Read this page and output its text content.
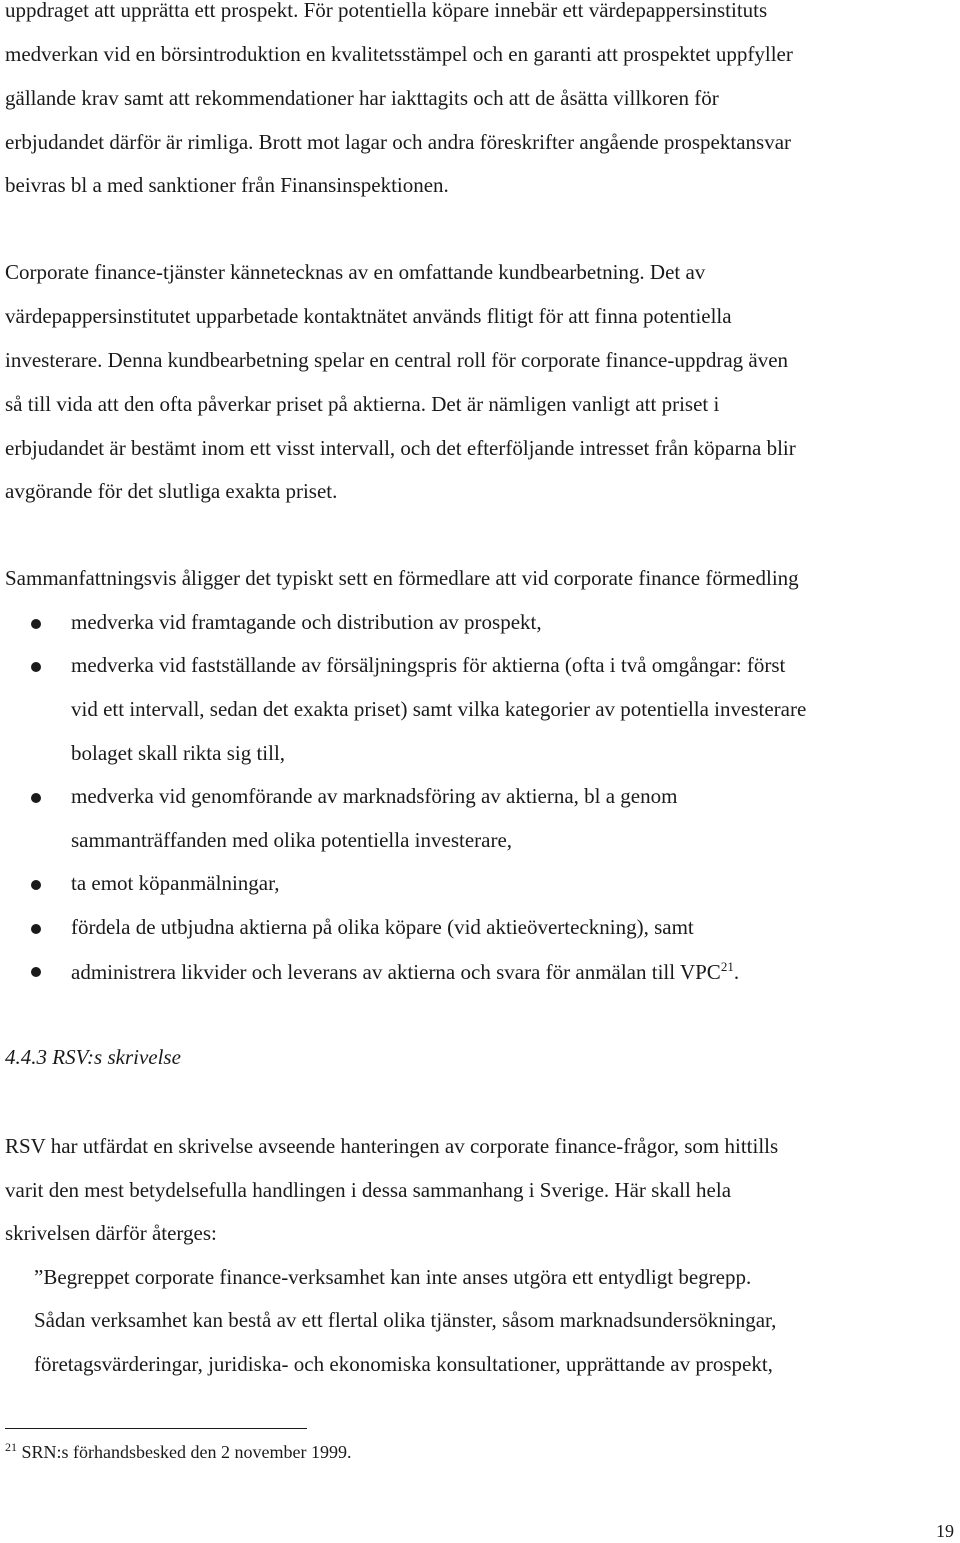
uppdraget att upprätta ett prospekt. För potentiella köpare innebär ett värdepappersinstituts
medverkan vid en börsintroduktion en kvalitetsstämpel och en garanti att prospektet uppfyller
gällande krav samt att rekommendationer har iakttagits och att de åsätta villkoren för
erbjudandet därför är rimliga. Brott mot lagar och andra föreskrifter angående prospektansvar
beivras bl a med sanktioner från Finansinspektionen.
Corporate finance-tjänster kännetecknas av en omfattande kundbearbetning. Det av
värdepappersinstitutet upparbetade kontaktnätet används flitigt för att finna potentiella
investerare. Denna kundbearbetning spelar en central roll för corporate finance-uppdrag även
så till vida att den ofta påverkar priset på aktierna. Det är nämligen vanligt att priset i
erbjudandet är bestämt inom ett visst intervall, och det efterföljande intresset från köparna blir
avgörande för det slutliga exakta priset.
Sammanfattningsvis åligger det typiskt sett en förmedlare att vid corporate finance förmedling
medverka vid framtagande och distribution av prospekt,
medverka vid fastställande av försäljningspris för aktierna (ofta i två omgångar: först
vid ett intervall, sedan det exakta priset) samt vilka kategorier av potentiella investerare
bolaget skall rikta sig till,
medverka vid genomförande av marknadsföring av aktierna, bl a genom
sammanträffanden med olika potentiella investerare,
ta emot köpanmälningar,
fördela de utbjudna aktierna på olika köpare (vid aktieöverteckning), samt
administrera likvider och leverans av aktierna och svara för anmälan till VPC$^{21}$.
4.4.3 RSV:s skrivelse
RSV har utfärdat en skrivelse avseende hanteringen av corporate finance-frågor, som hittills
varit den mest betydelsefulla handlingen i dessa sammanhang i Sverige. Här skall hela
skrivelsen därför återges:
”Begreppet corporate finance-verksamhet kan inte anses utgöra ett entydligt begrepp.
Sådan verksamhet kan bestå av ett flertal olika tjänster, såsom marknadsundersökningar,
företagsvärderingar, juridiska- och ekonomiska konsultationer, upprättande av prospekt,
$^{21}$ SRN:s förhandsbesked den 2 november 1999.
19
